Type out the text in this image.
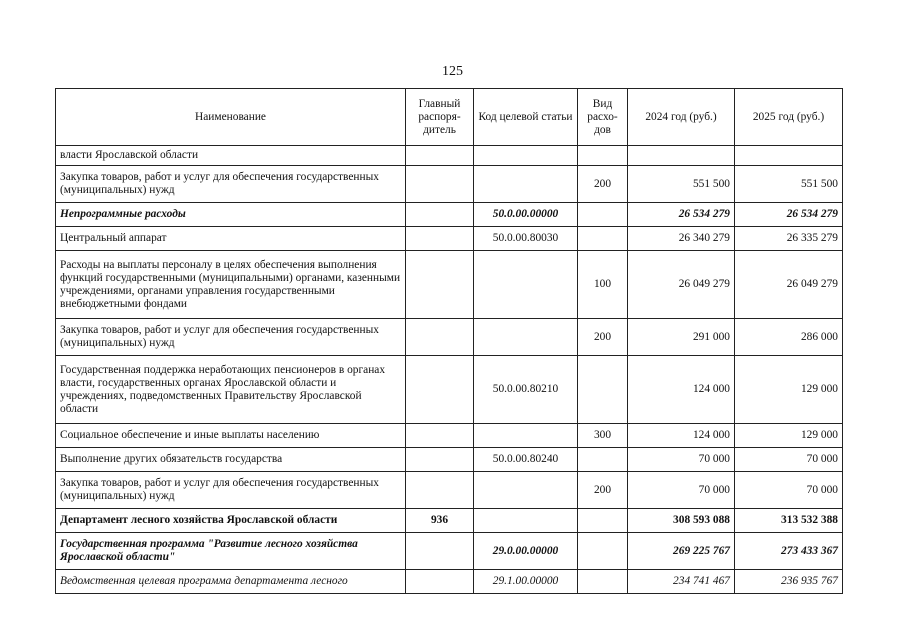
125
Наименование	Главный распоря-дитель	Код целевой статьи	Вид расхо-дов	2024 год (руб.)	2025 год (руб.)
власти Ярославской области					
Закупка товаров, работ и услуг для обеспечения государственных (муниципальных) нужд			200	551 500	551 500
Непрограммные расходы		50.0.00.00000		26 534 279	26 534 279
Центральный аппарат		50.0.00.80030		26 340 279	26 335 279
Расходы на выплаты персоналу в целях обеспечения выполнения функций государственными (муниципальными) органами, казенными учреждениями, органами управления государственными внебюджетными фондами			100	26 049 279	26 049 279
Закупка товаров, работ и услуг для обеспечения государственных (муниципальных) нужд			200	291 000	286 000
Государственная поддержка неработающих пенсионеров в органах власти, государственных органах Ярославской области и учреждениях, подведомственных Правительству Ярославской области		50.0.00.80210		124 000	129 000
Социальное обеспечение и иные выплаты населению			300	124 000	129 000
Выполнение других обязательств государства		50.0.00.80240		70 000	70 000
Закупка товаров, работ и услуг для обеспечения государственных (муниципальных) нужд			200	70 000	70 000
Департамент лесного хозяйства Ярославской области	936			308 593 088	313 532 388
Государственная программа "Развитие лесного хозяйства Ярославской области"		29.0.00.00000		269 225 767	273 433 367
Ведомственная целевая программа департамента лесного		29.1.00.00000		234 741 467	236 935 767
